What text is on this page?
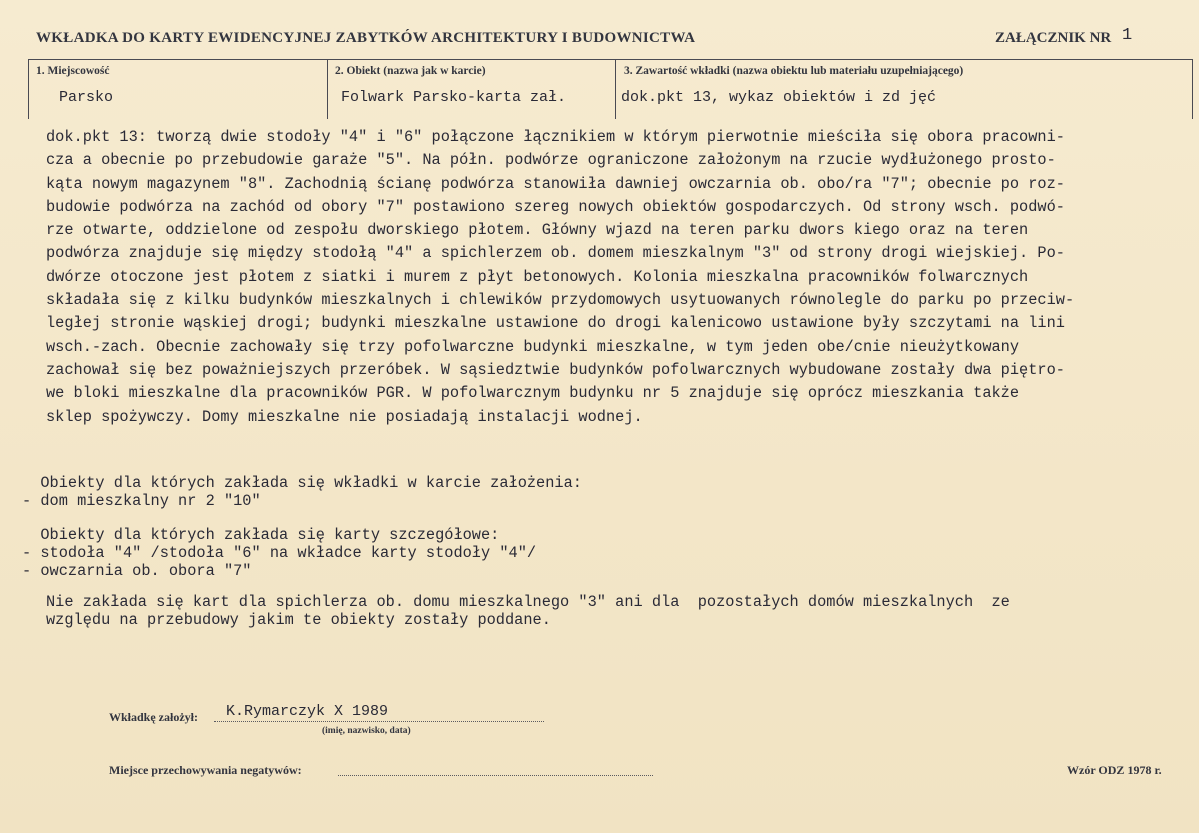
WKŁADKA DO KARTY EWIDENCYJNEJ ZABYTKÓW ARCHITEKTURY I BUDOWNICTWA	ZAŁĄCZNIK NR 1
1. Miejscowość
Parsko
2. Obiekt (nazwa jak w karcie)
Folwark Parsko-karta zał.
3. Zawartość wkładki (nazwa obiektu lub materiału uzupełniającego)
dok.pkt 13, wykaz obiektów i zd jęć
dok.pkt 13: tworzą dwie stodoły "4" i "6" połączone łącznikiem w którym pierwotnie mieściła się obora pracowni-
cza a obecnie po przebudowie garaże "5". Na półn. podwórze ograniczone założonym na rzucie wydłużonego prosto-
kąta nowym magazynem "8". Zachodnią ścianę podwórza stanowiła dawniej owczarnia ob. obo/ra "7"; obecnie po roz-
budowie podwórza na zachód od obory "7" postawiono szereg nowych obiektów gospodarczych. Od strony wsch. podwó-
rze otwarte, oddzielone od zespołu dworskiego płotem. Główny wjazd na teren parku dwors kiego oraz na teren
podwórza znajduje się między stodołą "4" a spichlerzem ob. domem mieszkalnym "3" od strony drogi wiejskiej. Po-
dwórze otoczone jest płotem z siatki i murem z płyt betonowych. Kolonia mieszkalna pracowników folwarcznych
składała się z kilku budynków mieszkalnych i chlewików przydomowych usytuowanych równolegle do parku po przeciw-
ległej stronie wąskiej drogi; budynki mieszkalne ustawione do drogi kalenicowo ustawione były szczytami na lini
wsch.-zach. Obecnie zachowały się trzy pofolwarczne budynki mieszkalne, w tym jeden obe/cnie nieużytkowany
zachował się bez poważniejszych przeróbek. W sąsiedztwie budynków pofolwarcznych wybudowane zostały dwa piętro-
we bloki mieszkalne dla pracowników PGR. W pofolwarcznym budynku nr 5 znajduje się oprócz mieszkania także
sklep spożywczy. Domy mieszkalne nie posiadają instalacji wodnej.
Obiekty dla których zakłada się wkładki w karcie założenia:
- dom mieszkalny nr 2 "10"
Obiekty dla których zakłada się karty szczegółowe:
- stodoła "4" /stodoła "6" na wkładce karty stodoły "4"/
- owczarnia ob. obora "7"
Nie zakłada się kart dla spichlerza ob. domu mieszkalnego "3" ani dla  pozostałych domów mieszkalnych  ze
względu na przebudowy jakim te obiekty zostały poddane.
Wkładkę założył: K.Rymarczyk X 1989
(imię, nazwisko, data)
Miejsce przechowywania negatywów:	Wzór ODZ 1978 r.
